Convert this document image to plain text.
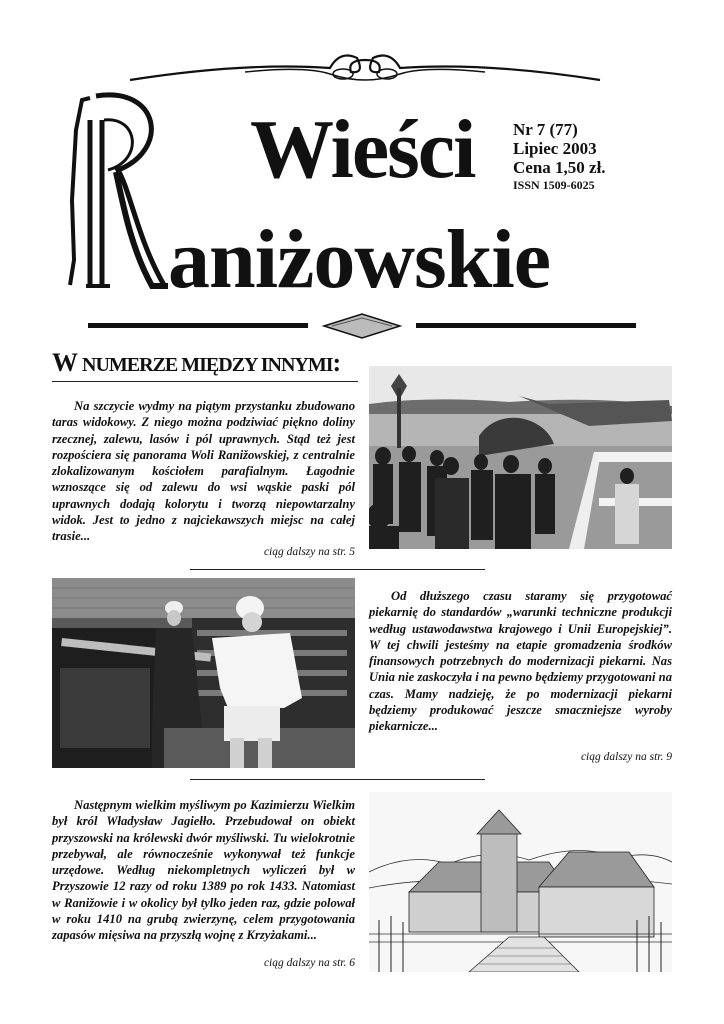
Wieści
aniżowskie
Nr 7 (77)
Lipiec 2003
Cena 1,50 zł.
ISSN 1509-6025
W NUMERZE MIĘDZY INNYMI:

Na szczycie wydmy na piątym przystanku zbudowano taras widokowy. Z niego można podziwiać piękno doliny rzecznej, zalewu, lasów i pól uprawnych. Stąd też jest rozpościera się panorama Woli Ranižowskiej, z centralnie zlokalizowanym kościołem parafialnym. Łagodnie wznoszące się od zalewu do wsi wąskie paski pól uprawnych dodają kolorytu i tworzą niepowtarzalny widok. Jest to jedno z najciekawszych miejsc na całej trasie...

ciąg dalszy na str. 5

Od dłuższego czasu staramy się przygotować piekarnię do standardów „warunki techniczne produkcji według ustawodawstwa krajowego i Unii Europejskiej”. W tej chwili jesteśmy na etapie gromadzenia środków finansowych potrzebnych do modernizacji piekarni. Nas Unia nie zaskoczyła i na pewno będziemy przygotowani na czas. Mamy nadzieję, że po modernizacji piekarni będziemy produkować jeszcze smaczniejsze wyroby piekarnicze...

ciąg dalszy na str. 9

Następnym wielkim myśliwym po Kazimierzu Wielkim był król Władysław Jagiełło. Przebudował on obiekt przyszowski na królewski dwór myśliwski. Tu wielokrotnie przebywał, ale równocześnie wykonywał też funkcje urzędowe. Według niekompletnych wyliczeń był w Przyszowie 12 razy od roku 1389 po rok 1433. Natomiast w Ranižowie i w okolicy był tylko jeden raz, gdzie polował w roku 1410 na grubą zwierzynę, celem przygotowania zapasów mięsiwa na przyszłą wojnę z Krzyżakami...

ciąg dalszy na str. 6
